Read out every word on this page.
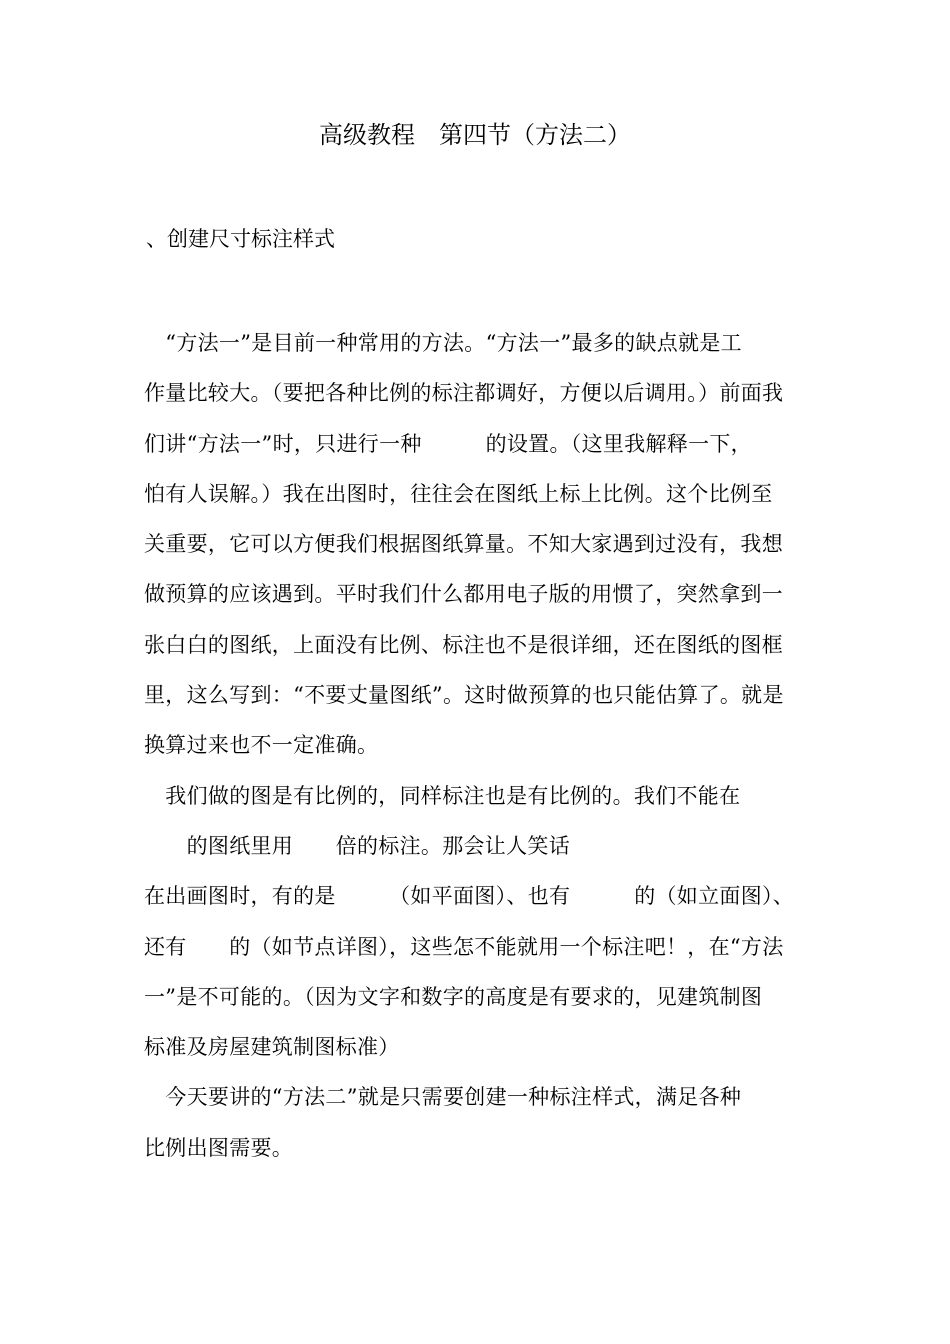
高级教程　第四节（方法二）
、创建尺寸标注样式
　“方法一”是目前一种常用的方法。“方法一”最多的缺点就是工
作量比较大。（要把各种比例的标注都调好，方便以后调用。）前面我
们讲“方法一”时，只进行一种　　　的设置。（这里我解释一下，
怕有人误解。）我在出图时，往往会在图纸上标上比例。这个比例至
关重要，它可以方便我们根据图纸算量。不知大家遇到过没有，我想
做预算的应该遇到。平时我们什么都用电子版的用惯了，突然拿到一
张白白的图纸，上面没有比例、标注也不是很详细，还在图纸的图框
里，这么写到：“不要丈量图纸”。这时做预算的也只能估算了。就是
换算过来也不一定准确。
　我们做的图是有比例的，同样标注也是有比例的。我们不能在
　　的图纸里用　　倍的标注。那会让人笑话
在出画图时，有的是　　　（如平面图）、也有　　　的（如立面图）、
还有　　的（如节点详图），这些怎不能就用一个标注吧！，在“方法
一”是不可能的。（因为文字和数字的高度是有要求的，见建筑制图
标准及房屋建筑制图标准）
　今天要讲的“方法二”就是只需要创建一种标注样式，满足各种
比例出图需要。
